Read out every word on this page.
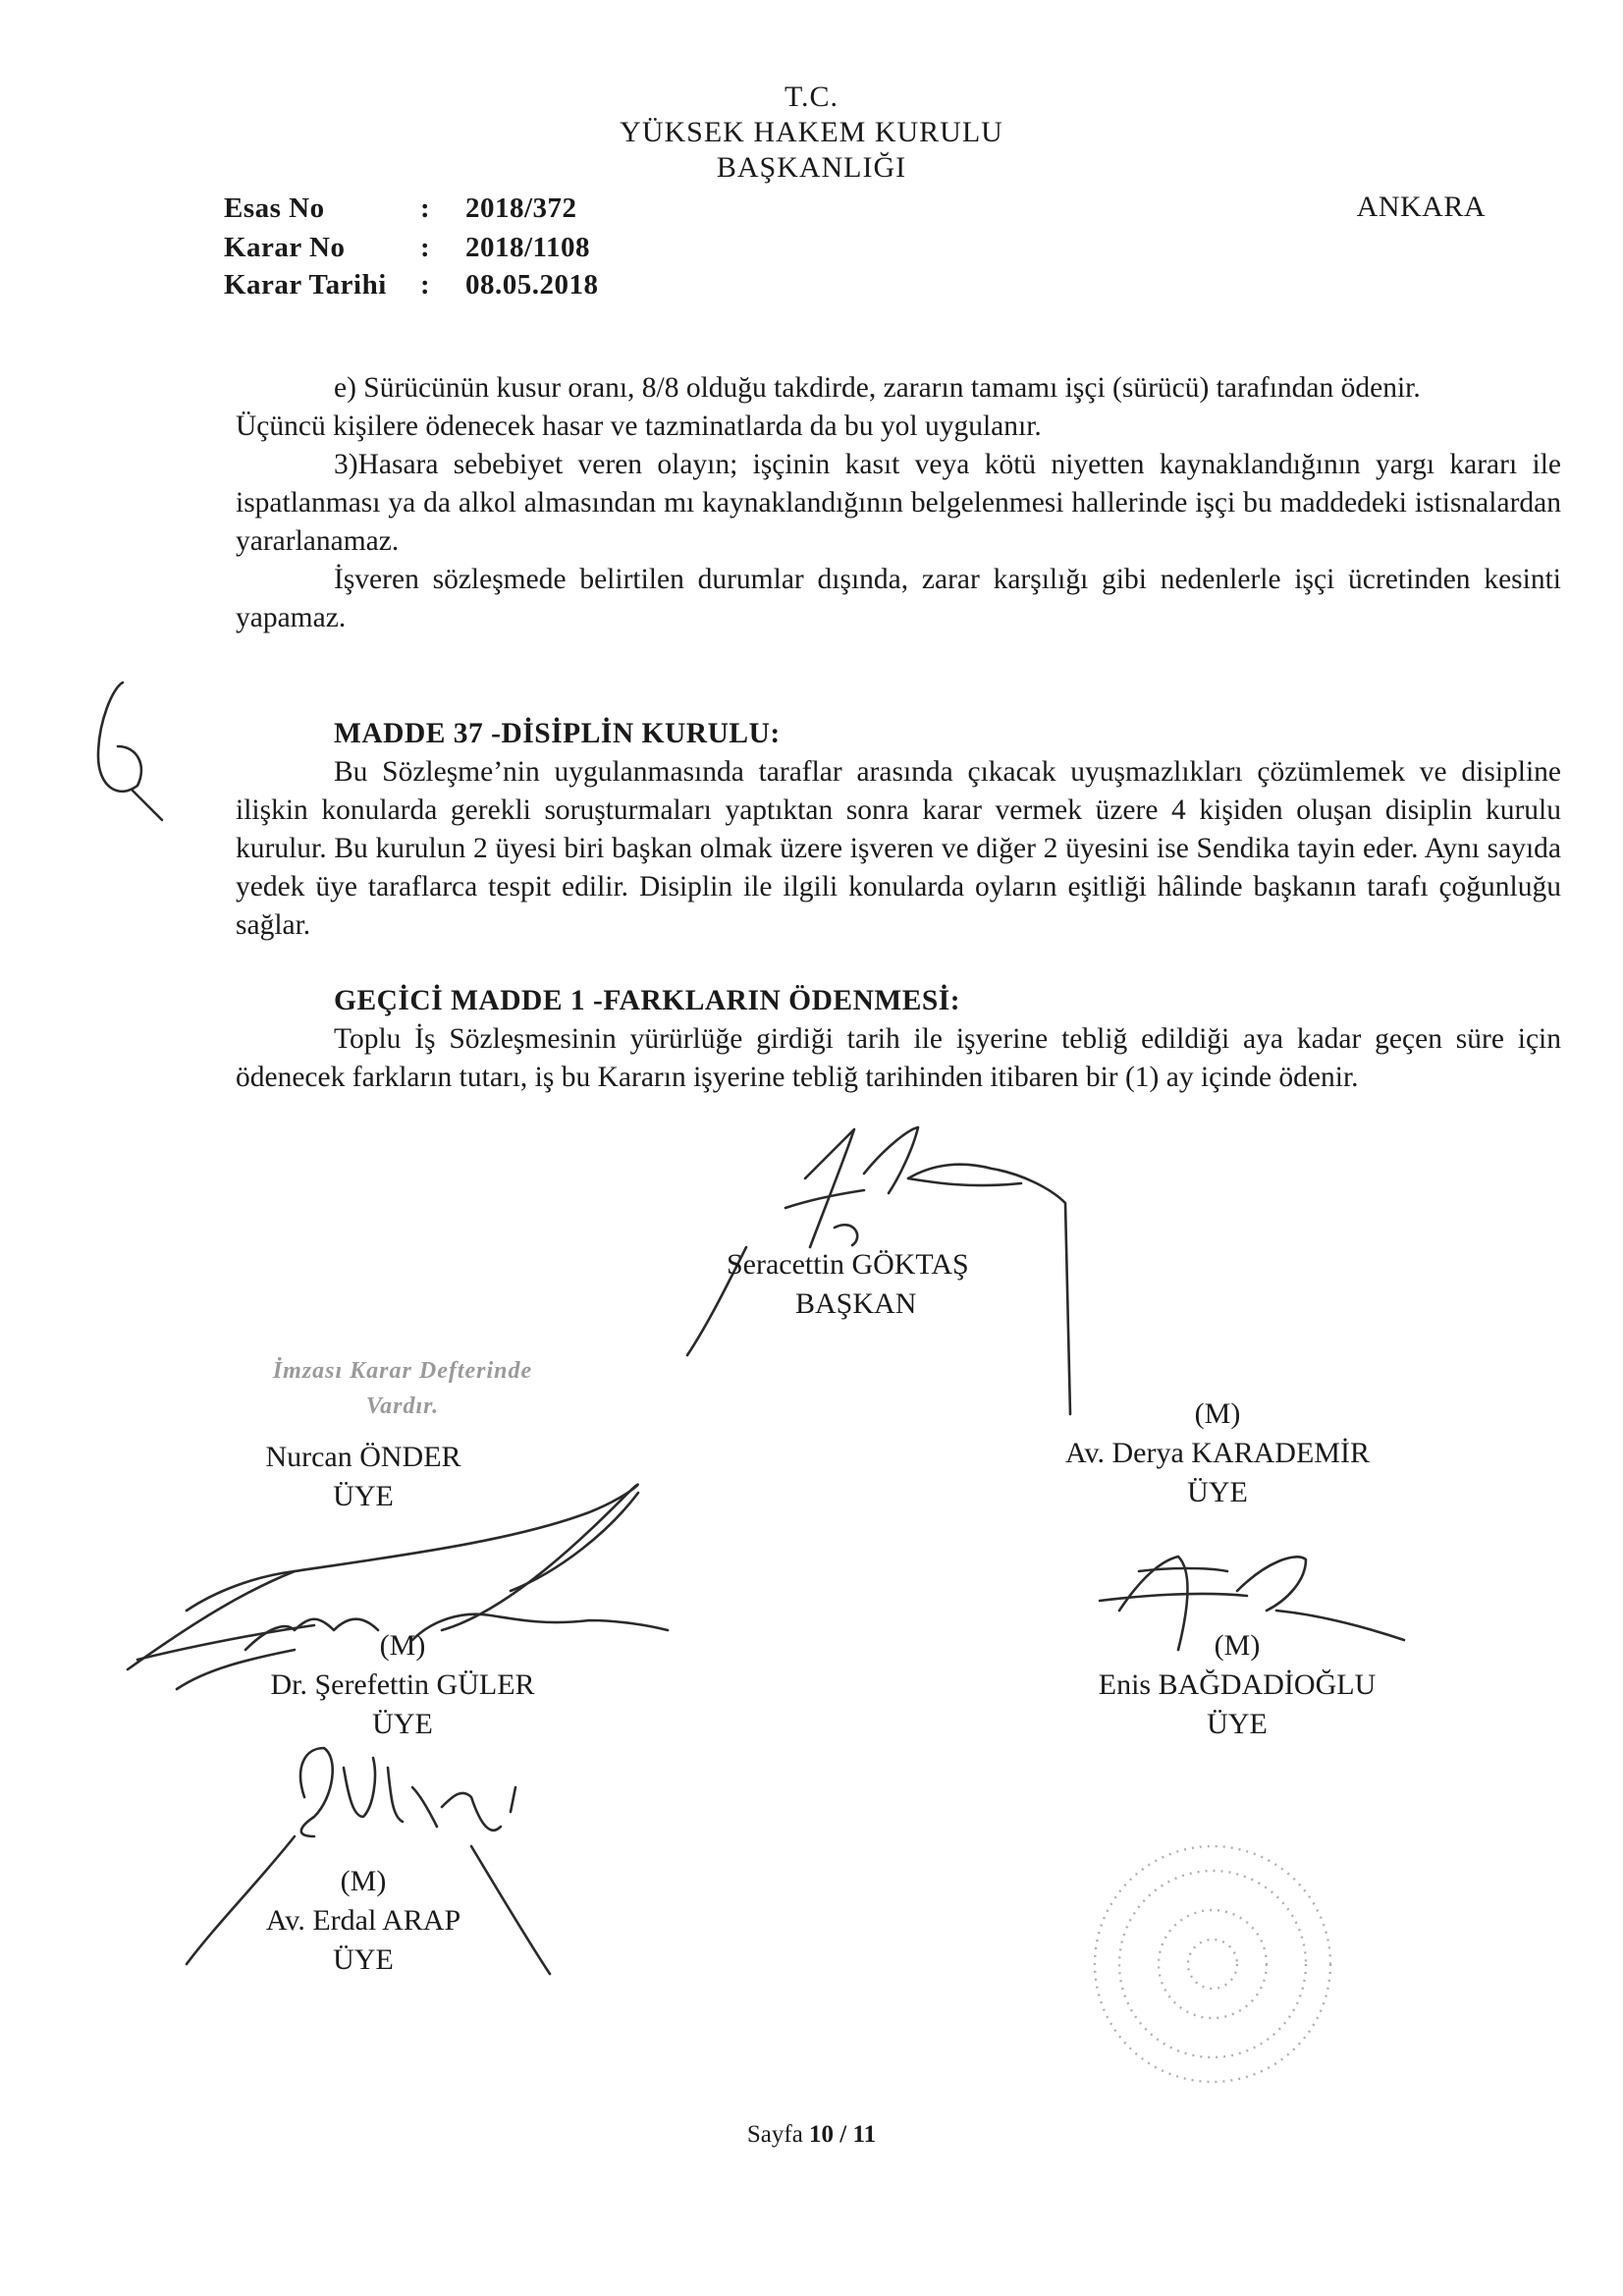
T.C.
YÜKSEK HAKEM KURULU
BAŞKANLIĞI
ANKARA
Esas No	: 2018/372
Karar No	: 2018/1108
Karar Tarihi : 08.05.2018

e) Sürücünün kusur oranı, 8/8 olduğu takdirde, zararın tamamı işçi (sürücü) tarafından ödenir.

Üçüncü kişilere ödenecek hasar ve tazminatlarda da bu yol uygulanır.

3)Hasara sebebiyet veren olayın; işçinin kasıt veya kötü niyetten kaynaklandığının yargı kararı ile ispatlanması ya da alkol almasından mı kaynaklandığının belgelenmesi hallerinde işçi bu maddedeki istisnalardan yararlanamaz.

İşveren sözleşmede belirtilen durumlar dışında, zarar karşılığı gibi nedenlerle işçi ücretinden kesinti yapamaz.

MADDE 37 -DİSİPLİN KURULU:

Bu Sözleşme’nin uygulanmasında taraflar arasında çıkacak uyuşmazlıkları çözümlemek ve disipline ilişkin konularda gerekli soruşturmaları yaptıktan sonra karar vermek üzere 4 kişiden oluşan disiplin kurulu kurulur. Bu kurulun 2 üyesi biri başkan olmak üzere işveren ve diğer 2 üyesini ise Sendika tayin eder. Aynı sayıda yedek üye taraflarca tespit edilir. Disiplin ile ilgili konularda oyların eşitliği hâlinde başkanın tarafı çoğunluğu sağlar.

GEÇİCİ MADDE 1 -FARKLARIN ÖDENMESİ:

Toplu İş Sözleşmesinin yürürlüğe girdiği tarih ile işyerine tebliğ edildiği aya kadar geçen süre için ödenecek farkların tutarı, iş bu Kararın işyerine tebliğ tarihinden itibaren bir (1) ay içinde ödenir.

Seracettin GÖKTAŞ
BAŞKAN
İmzası Karar Defterinde
Vardır.
Nurcan ÖNDER
ÜYE
(M)
Av. Derya KARADEMİR
ÜYE
(M)
Dr. Şerefettin GÜLER
ÜYE
(M)
Enis BAĞDADİOĞLU
ÜYE
(M)
Av. Erdal ARAP
ÜYE
Sayfa 10 / 11
